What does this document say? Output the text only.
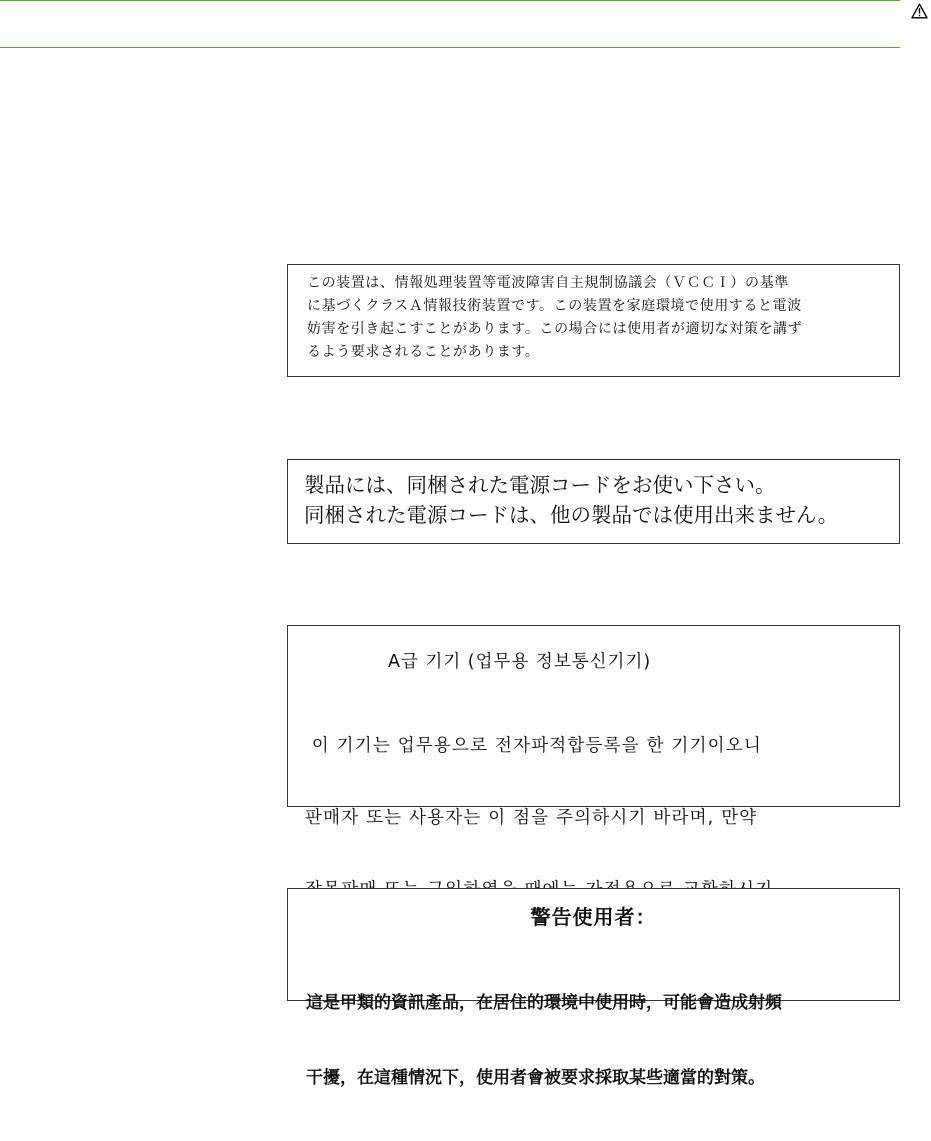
この装置は、情報処理装置等電波障害自主規制協議会（ＶＣＣＩ）の基準

に基づくクラスＡ情報技術装置です。この装置を家庭環境で使用すると電波

妨害を引き起こすことがあります。この場合には使用者が適切な対策を講ず

るよう要求されることがあります。

製品には、同梱された電源コードをお使い下さい。

同梱された電源コードは、他の製品では使用出来ません。

A급 기기 (업무용 정보통신기기)

이 기기는 업무용으로 전자파적합등록을 한 기기이오니

판매자 또는 사용자는 이 점을 주의하시기 바라며, 만약

警告使用者：

這是甲類的資訊產品，在居住的環境中使用時，可能會造成射頻

干擾，在這種情況下，使用者會被要求採取某些適當的對策。
